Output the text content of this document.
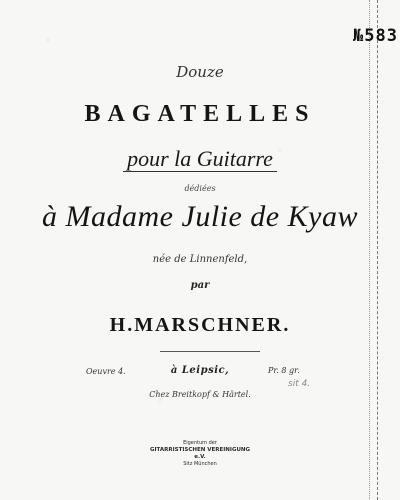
№583
Douze
BAGATELLES
pour la Guitarre
dédiées
à Madame Julie de Kyaw
née de Linnenfeld,
par
H.MARSCHNER.
Oeuvre 4.	à Leipsic,	Pr. 8 gr.
sit 4.
Chez Breitkopf & Härtel.
Eigentum der
GITARRISTISCHEN VEREINIGUNG e.V.
Sitz München
